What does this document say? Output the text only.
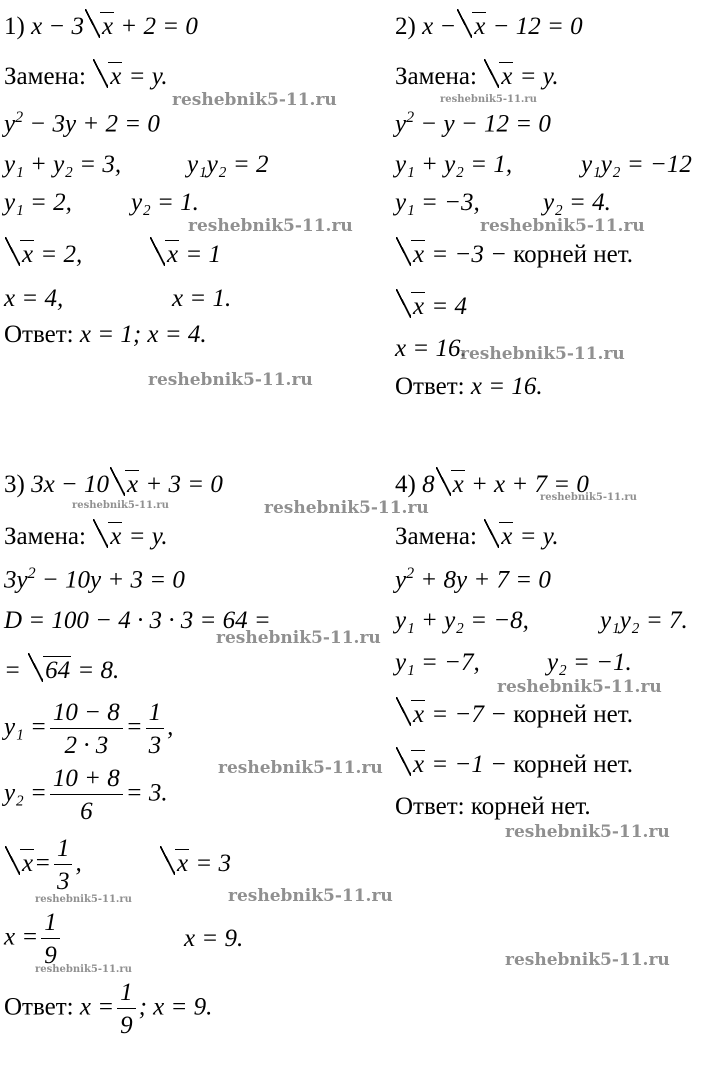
1) x − 3 x + 2 = 0
Замена: x = y.
$y^2 - 3y + 2 = 0$
y₁ + y₂ = 3,	y₁y₂ = 2
y₁ = 2, y₂ = 1.
x = 2,	x = 1
x = 4,	x = 1.
Ответ: x = 1; x = 4.
2) x − x − 12 = 0
Замена: x = y.
$y^2 - y - 12 = 0$
y₁ + y₂ = 1,	y₁y₂ = −12
y₁ = −3,	y₂ = 4.
x = −3 − корней нет.
x = 4
x = 16.
Ответ: x = 16.
3) 3x − 10 x + 3 = 0
Замена: x = y.
$3y^2 - 10y + 3 = 0$
D = 100 − 4 · 3 · 3 = 64 =
= 64 = 8.
$y_1 = \frac{10 - 8}{2 \cdot 3} = \frac{1}{3}$ ,
$y_2 = \frac{10 + 8}{6} = 3$.
$x= \frac{1}{3}$ ,	x = 3
$x = \frac{1}{9}$	x = 9.
Ответ: $x = \frac{1}{9}$ ; x = 9.
4) 8 x + x + 7 = 0
Замена: x = y.
$y^2 + 8y + 7 = 0$
y₁ + y₂ = −8,	y₁y₂ = 7.
y₁ = −7,	y₂ = −1.
x = −7 − корней нет.
x = −1 − корней нет.
Ответ: корней нет.
reshebnik5-11.ru	reshebnik5-11.ru
reshebnik5-11.ru	reshebnik5-11.ru
reshebnik5-11.ru
reshebnik5-11.ru
reshebnik5-11.ru	reshebnik5-11.ru
reshebnik5-11.ru
reshebnik5-11.ru
reshebnik5-11.ru
reshebnik5-11.ru
reshebnik5-11.ru
reshebnik5-11.ru
reshebnik5-11.ru
reshebnik5-11.ru
reshebnik5-11.ru
